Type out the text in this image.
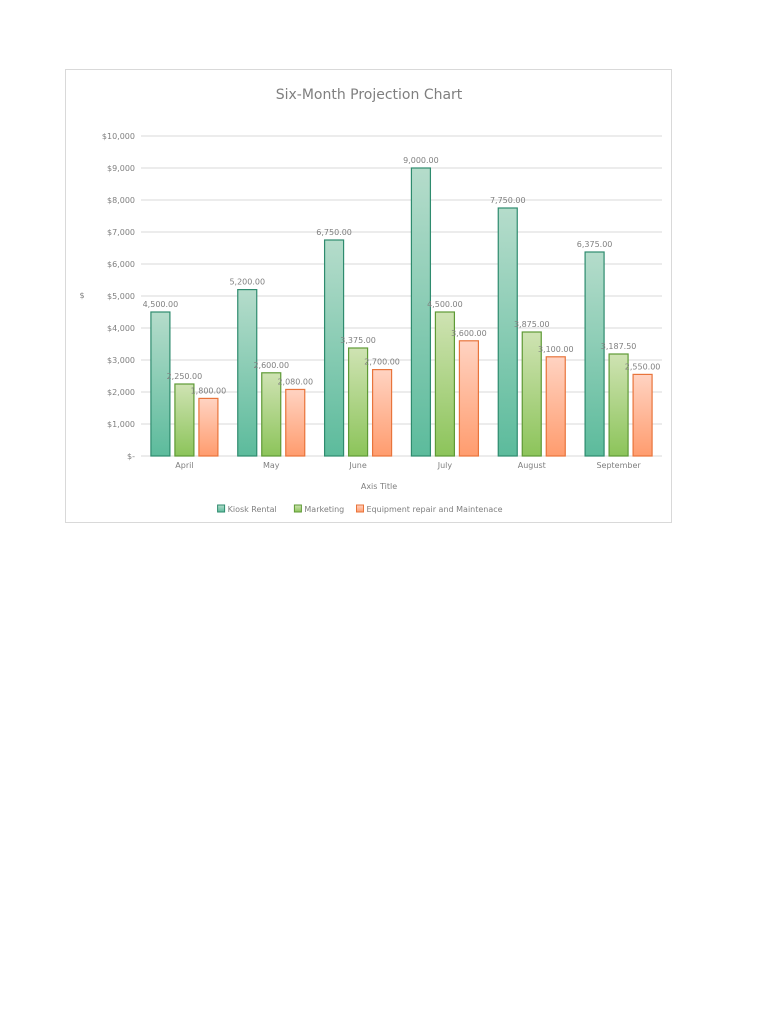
Six-Month Projection Chart
$-
$1,000
$2,000
$3,000
$4,000
$5,000
$6,000
$7,000
$8,000
$9,000
$10,000
$
4,500.00
2,250.00
1,800.00
5,200.00
2,600.00
2,080.00
6,750.00
3,375.00
2,700.00
9,000.00
4,500.00
3,600.00
7,750.00
3,875.00
3,100.00
6,375.00
3,187.50
2,550.00
April	May	June	July	August	September
Axis Title
Kiosk Rental	Marketing	Equipment repair and Maintenace
